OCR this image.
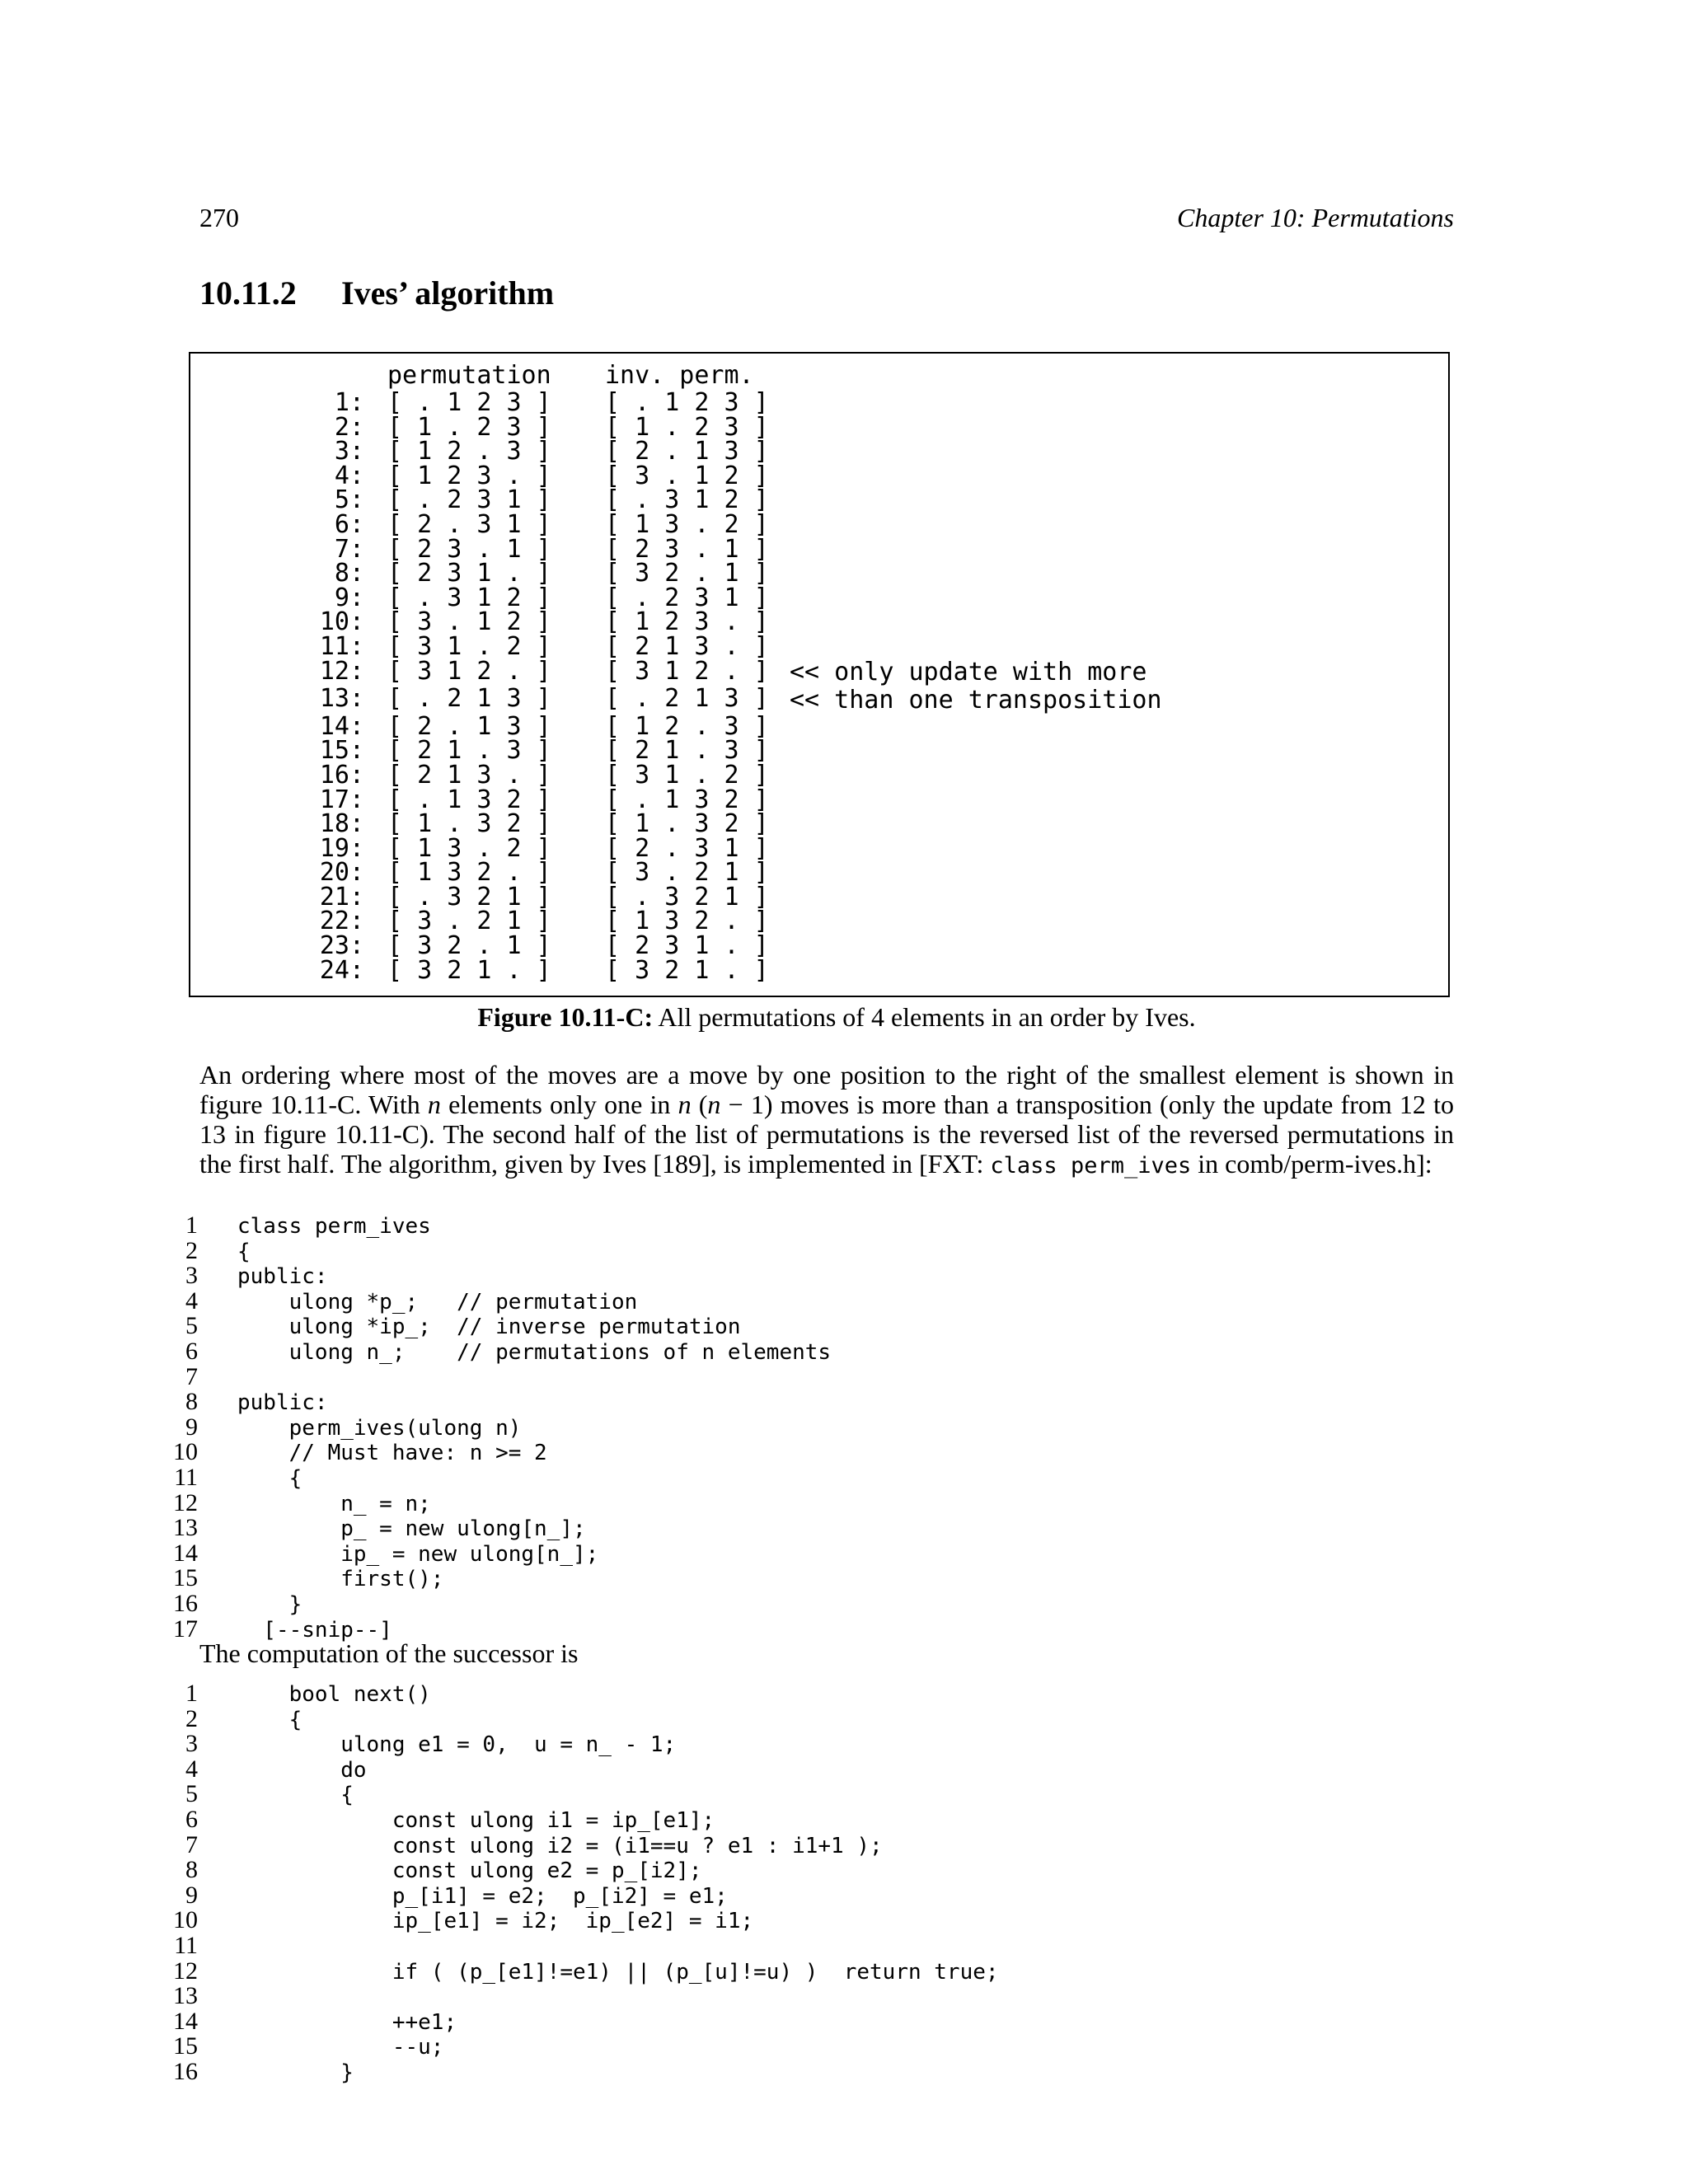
270	Chapter 10: Permutations
10.11.2 Ives’ algorithm
permutation inv. perm.
1:
2:
3:
4:
5:
6:
7:
8:
9:
10:
11:
12:
13:
14:
15:
16:
17:
18:
19:
20:
21:
22:
23:
24:
[ . 1 2 3 ]
[ 1 . 2 3 ]
[ 1 2 . 3 ]
[ 1 2 3 . ]
[ . 2 3 1 ]
[ 2 . 3 1 ]
[ 2 3 . 1 ]
[ 2 3 1 . ]
[ . 3 1 2 ]
[ 3 . 1 2 ]
[ 3 1 . 2 ]
[ 3 1 2 . ]
[ . 2 1 3 ]
[ 2 . 1 3 ]
[ 2 1 . 3 ]
[ 2 1 3 . ]
[ . 1 3 2 ]
[ 1 . 3 2 ]
[ 1 3 . 2 ]
[ 1 3 2 . ]
[ . 3 2 1 ]
[ 3 . 2 1 ]
[ 3 2 . 1 ]
[ 3 2 1 . ]
[ . 1 2 3 ]
[ 1 . 2 3 ]
[ 2 . 1 3 ]
[ 3 . 1 2 ]
[ . 3 1 2 ]
[ 1 3 . 2 ]
[ 2 3 . 1 ]
[ 3 2 . 1 ]
[ . 2 3 1 ]
[ 1 2 3 . ]
[ 2 1 3 . ]
[ 3 1 2 . ]
[ . 2 1 3 ]
[ 1 2 . 3 ]
[ 2 1 . 3 ]
[ 3 1 . 2 ]
[ . 1 3 2 ]
[ 1 . 3 2 ]
[ 2 . 3 1 ]
[ 3 . 2 1 ]
[ . 3 2 1 ]
[ 1 3 2 . ]
[ 2 3 1 . ]
[ 3 2 1 . ]
<< only update with more
<< than one transposition
Figure 10.11-C: All permutations of 4 elements in an order by Ives.
An ordering where most of the moves are a move by one position to the right of the smallest element is shown in figure 10.11-C. With n elements only one in n (n − 1) moves is more than a transposition (only the update from 12 to 13 in figure 10.11-C). The second half of the list of permutations is the reversed list of the reversed permutations in the first half. The algorithm, given by Ives [189], is implemented in [FXT: class perm_ives in comb/perm-ives.h]:
1 class perm_ives
2 {
3 public:
4 ulong *p_;   // permutation
5 ulong *ip_;  // inverse permutation
6 ulong n_;    // permutations of n elements
7
8 public:
9 perm_ives(ulong n)
10 // Must have: n >= 2
11 {
12 n_ = n;
13 p_ = new ulong[n_];
14 ip_ = new ulong[n_];
15 first();
16 }
17 [--snip--]
The computation of the successor is
1 bool next()
2 {
3 ulong e1 = 0,  u = n_ - 1;
4 do
5 {
6 const ulong i1 = ip_[e1];
7 const ulong i2 = (i1==u ? e1 : i1+1 );
8 const ulong e2 = p_[i2];
9 p_[i1] = e2;  p_[i2] = e1;
10 ip_[e1] = i2;  ip_[e2] = i1;
11
12 if ( (p_[e1]!=e1) || (p_[u]!=u) )  return true;
13
14 ++e1;
15 --u;
16 }
